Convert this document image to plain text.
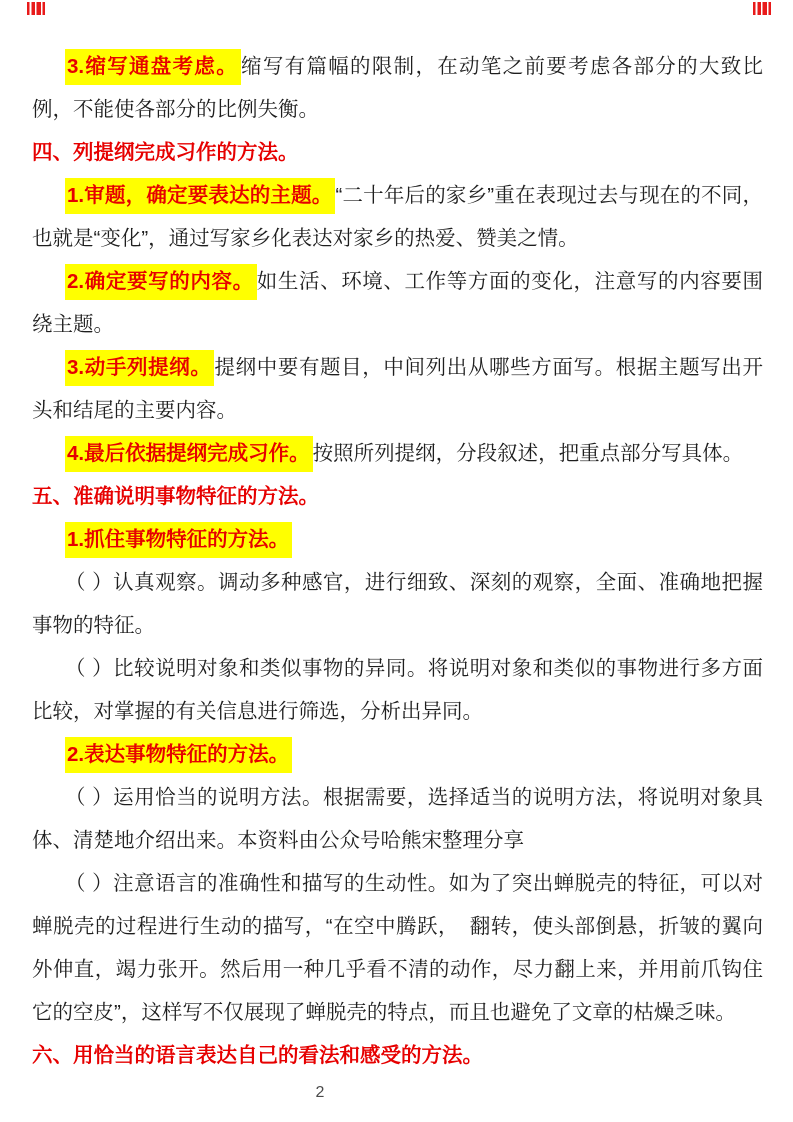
3.缩写通盘考虑。 缩写有篇幅的限制，在动笔之前要考虑各部分的大致比例，不能使各部分的比例失衡。

四、列提纲完成习作的方法。

1.审题，确定要表达的主题。 “二十年后的家乡”重在表现过去与现在的不同，也就是“变化”，通过写家乡化表达对家乡的热爱、赞美之情。

2.确定要写的内容。 如生活、环境、工作等方面的变化，注意写的内容要围绕主题。

3.动手列提纲。 提纲中要有题目，中间列出从哪些方面写。根据主题写出开头和结尾的主要内容。

4.最后依据提纲完成习作。 按照所列提纲，分段叙述，把重点部分写具体。

五、准确说明事物特征的方法。

1.抓住事物特征的方法。

（ ）认真观察。调动多种感官，进行细致、深刻的观察，全面、准确地把握事物的特征。

（ ）比较说明对象和类似事物的异同。将说明对象和类似的事物进行多方面比较，对掌握的有关信息进行筛选，分析出异同。

2.表达事物特征的方法。

（ ）运用恰当的说明方法。根据需要，选择适当的说明方法，将说明对象具体、清楚地介绍出来。本资料由公众号哈熊宋整理分享

（ ）注意语言的准确性和描写的生动性。如为了突出蝉脱壳的特征，可以对蝉脱壳的过程进行生动的描写，“在空中腾跃，　翻转，使头部倒悬，折皱的翼向外伸直，竭力张开。然后用一种几乎看不清的动作，尽力翻上来，并用前爪钩住它的空皮”，这样写不仅展现了蝉脱壳的特点，而且也避免了文章的枯燥乏味。

六、用恰当的语言表达自己的看法和感受的方法。

2
